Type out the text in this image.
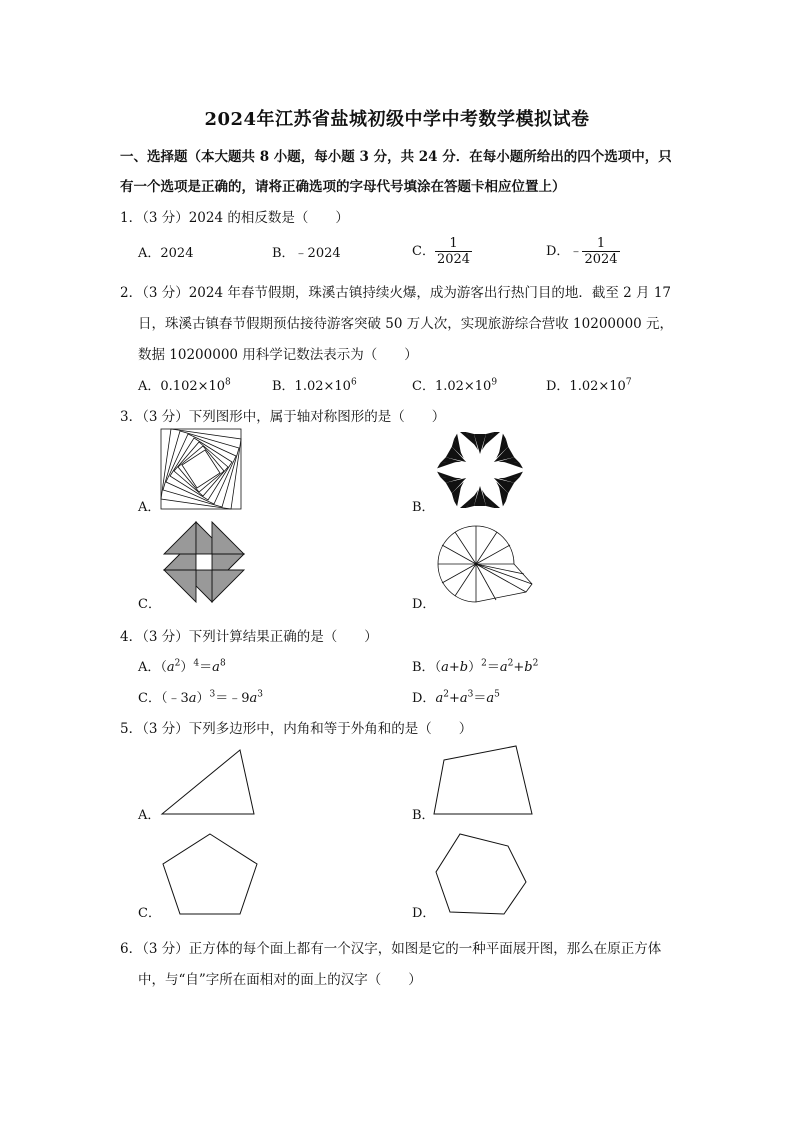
2024年江苏省盐城初级中学中考数学模拟试卷
一、选择题（本大题共 8 小题，每小题 3 分，共 24 分．在每小题所给出的四个选项中，只
有一个选项是正确的，请将正确选项的字母代号填涂在答题卡相应位置上）
1．（3 分）2024 的相反数是（　　）
A．2024	B．﹣2024	C． $\frac{1}{2024}$	D．﹣ $\frac{1}{2024}$
2．（3 分）2024 年春节假期，珠溪古镇持续火爆，成为游客出行热门目的地．截至 2 月 17
日，珠溪古镇春节假期预估接待游客突破 50 万人次，实现旅游综合营收 10200000 元，
数据 10200000 用科学记数法表示为（　　）
A．$0.102\times 10^8$	B．$1.02\times 10^6$	C．$1.02\times 10^9$	D．$1.02\times 10^7$
3．（3 分）下列图形中，属于轴对称图形的是（　　）
A．	B．
C．	D．
4．（3 分）下列计算结果正确的是（　　）
A．$(a^2)^4=a^8$	B．$(a+b)^2=a^2+b^2$
C．$(﹣3a)^3=﹣9a^3$	D．$a^2+a^3=a^5$
5．（3 分）下列多边形中，内角和等于外角和的是（　　）
A．	B．
C．	D．
6．（3 分）正方体的每个面上都有一个汉字，如图是它的一种平面展开图，那么在原正方体
中，与“自”字所在面相对的面上的汉字（　　）
